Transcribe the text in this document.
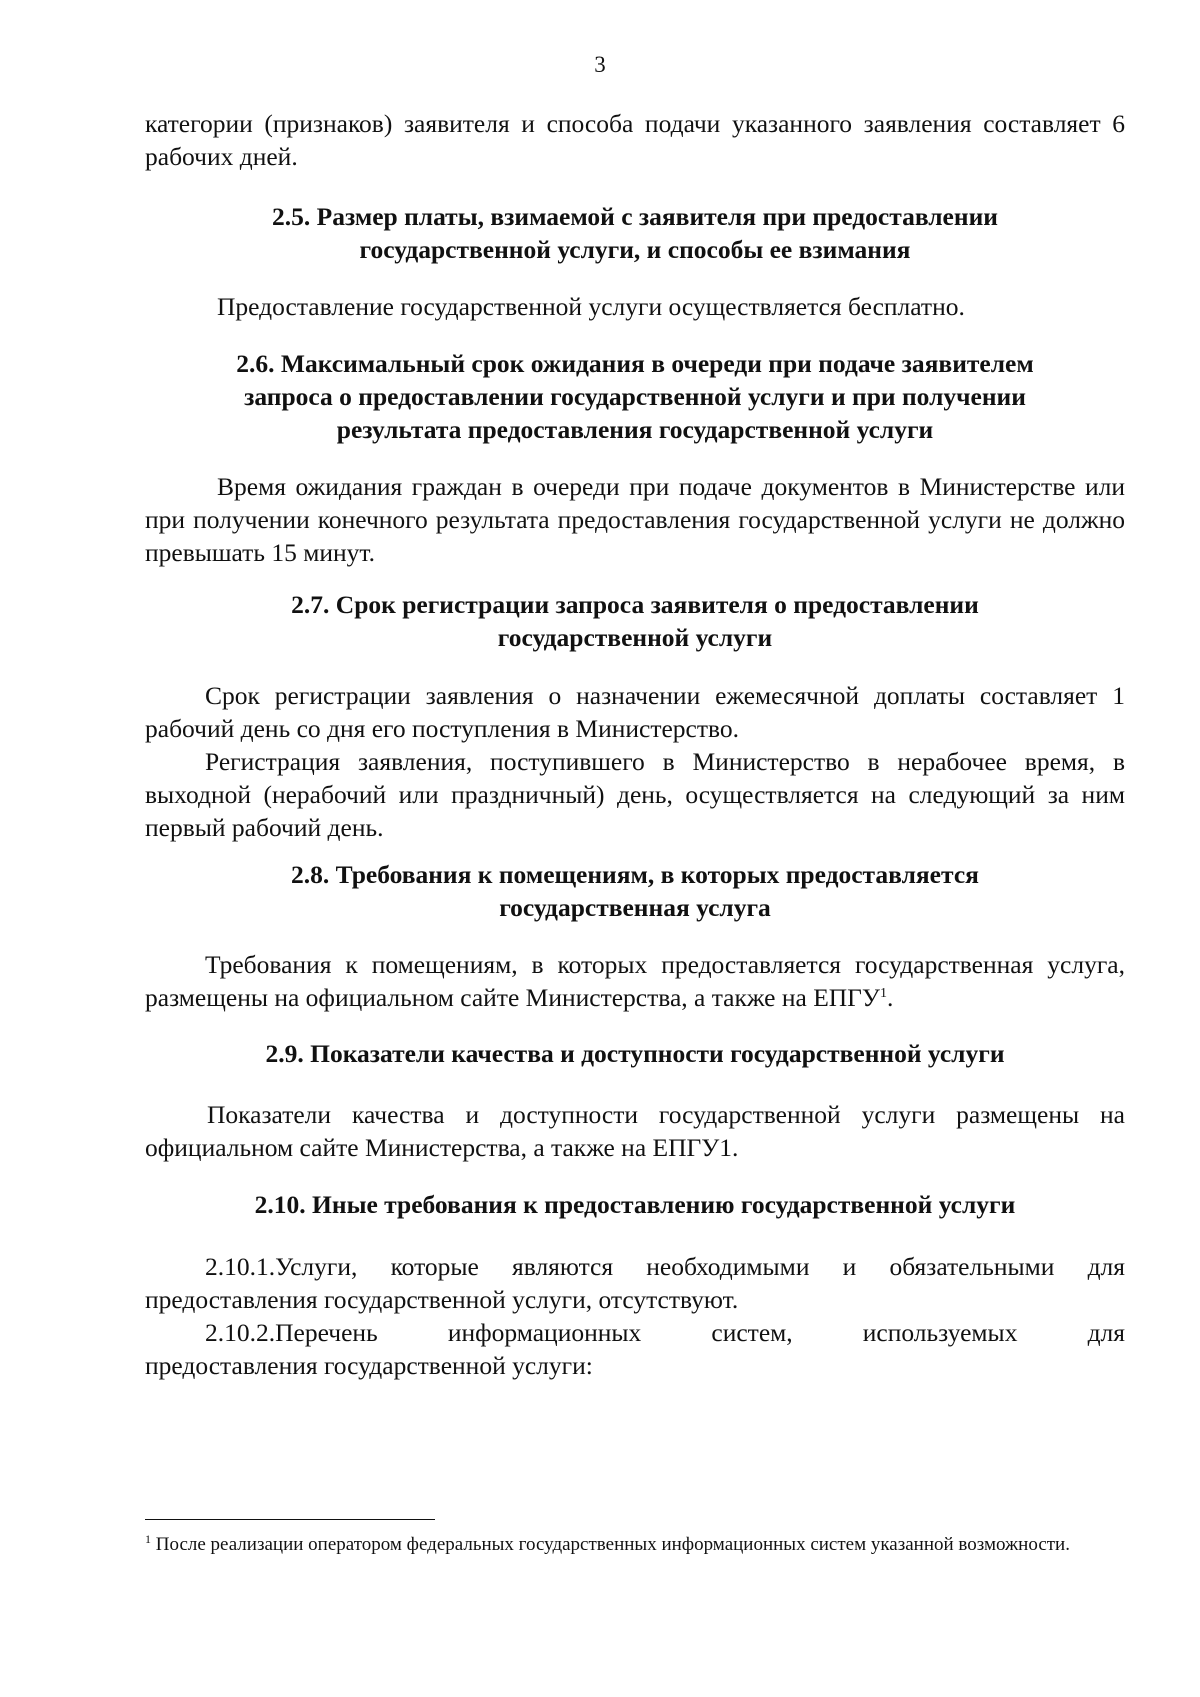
3
категории (признаков) заявителя и способа подачи указанного заявления составляет 6 рабочих дней.
2.5. Размер платы, взимаемой с заявителя при предоставлении
государственной услуги, и способы ее взимания
Предоставление государственной услуги осуществляется бесплатно.
2.6. Максимальный срок ожидания в очереди при подаче заявителем
запроса о предоставлении государственной услуги и при получении
результата предоставления государственной услуги
Время ожидания граждан в очереди при подаче документов в Министерстве или при получении конечного результата предоставления государственной услуги не должно превышать 15 минут.
2.7. Срок регистрации запроса заявителя о предоставлении
государственной услуги
Срок регистрации заявления о назначении ежемесячной доплаты составляет 1 рабочий день со дня его поступления в Министерство.
Регистрация заявления, поступившего в Министерство в нерабочее время, в выходной (нерабочий или праздничный) день, осуществляется на следующий за ним первый рабочий день.
2.8. Требования к помещениям, в которых предоставляется
государственная услуга
Требования к помещениям, в которых предоставляется государственная услуга, размещены на официальном сайте Министерства, а также на ЕПГУ$^1$.
2.9. Показатели качества и доступности государственной услуги
Показатели качества и доступности государственной услуги размещены на официальном сайте Министерства, а также на ЕПГУ1.
2.10. Иные требования к предоставлению государственной услуги
2.10.1.Услуги, которые являются необходимыми и обязательными для предоставления государственной услуги, отсутствуют.
2.10.2.Перечень информационных систем, используемых для
предоставления государственной услуги:
$^1$ После реализации оператором федеральных государственных информационных систем указанной возможности.
